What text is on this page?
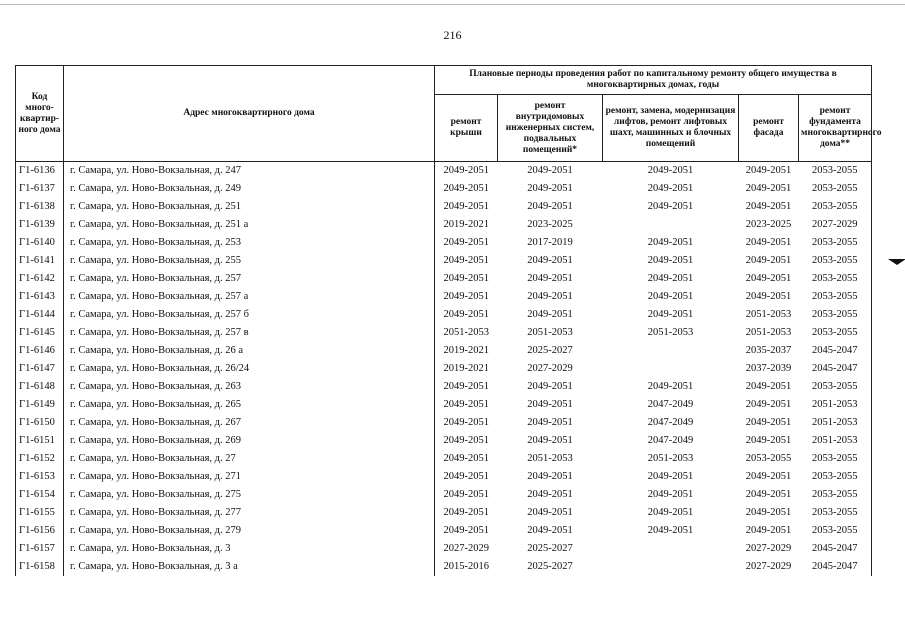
216
Код много-квартир-ного дома	Адрес многоквартирного дома	Плановые периоды проведения работ по капитальному ремонту общего имущества в многоквартирных домах, годы				
		ремонт крыши	ремонт внутридомовых инженерных систем, подвальных помещений*	ремонт, замена, модернизация лифтов, ремонт лифтовых шахт, машинных и блочных помещений	ремонт фасада	ремонт фундамента многоквартирного дома**
Г1-6136	г. Самара, ул. Ново-Вокзальная, д. 247	2049-2051	2049-2051	2049-2051	2049-2051	2053-2055
Г1-6137	г. Самара, ул. Ново-Вокзальная, д. 249	2049-2051	2049-2051	2049-2051	2049-2051	2053-2055
Г1-6138	г. Самара, ул. Ново-Вокзальная, д. 251	2049-2051	2049-2051	2049-2051	2049-2051	2053-2055
Г1-6139	г. Самара, ул. Ново-Вокзальная, д. 251 а	2019-2021	2023-2025		2023-2025	2027-2029
Г1-6140	г. Самара, ул. Ново-Вокзальная, д. 253	2049-2051	2017-2019	2049-2051	2049-2051	2053-2055
Г1-6141	г. Самара, ул. Ново-Вокзальная, д. 255	2049-2051	2049-2051	2049-2051	2049-2051	2053-2055
Г1-6142	г. Самара, ул. Ново-Вокзальная, д. 257	2049-2051	2049-2051	2049-2051	2049-2051	2053-2055
Г1-6143	г. Самара, ул. Ново-Вокзальная, д. 257 а	2049-2051	2049-2051	2049-2051	2049-2051	2053-2055
Г1-6144	г. Самара, ул. Ново-Вокзальная, д. 257 б	2049-2051	2049-2051	2049-2051	2051-2053	2053-2055
Г1-6145	г. Самара, ул. Ново-Вокзальная, д. 257 в	2051-2053	2051-2053	2051-2053	2051-2053	2053-2055
Г1-6146	г. Самара, ул. Ново-Вокзальная, д. 26 а	2019-2021	2025-2027		2035-2037	2045-2047
Г1-6147	г. Самара, ул. Ново-Вокзальная, д. 26/24	2019-2021	2027-2029		2037-2039	2045-2047
Г1-6148	г. Самара, ул. Ново-Вокзальная, д. 263	2049-2051	2049-2051	2049-2051	2049-2051	2053-2055
Г1-6149	г. Самара, ул. Ново-Вокзальная, д. 265	2049-2051	2049-2051	2047-2049	2049-2051	2051-2053
Г1-6150	г. Самара, ул. Ново-Вокзальная, д. 267	2049-2051	2049-2051	2047-2049	2049-2051	2051-2053
Г1-6151	г. Самара, ул. Ново-Вокзальная, д. 269	2049-2051	2049-2051	2047-2049	2049-2051	2051-2053
Г1-6152	г. Самара, ул. Ново-Вокзальная, д. 27	2049-2051	2051-2053	2051-2053	2053-2055	2053-2055
Г1-6153	г. Самара, ул. Ново-Вокзальная, д. 271	2049-2051	2049-2051	2049-2051	2049-2051	2053-2055
Г1-6154	г. Самара, ул. Ново-Вокзальная, д. 275	2049-2051	2049-2051	2049-2051	2049-2051	2053-2055
Г1-6155	г. Самара, ул. Ново-Вокзальная, д. 277	2049-2051	2049-2051	2049-2051	2049-2051	2053-2055
Г1-6156	г. Самара, ул. Ново-Вокзальная, д. 279	2049-2051	2049-2051	2049-2051	2049-2051	2053-2055
Г1-6157	г. Самара, ул. Ново-Вокзальная, д. 3	2027-2029	2025-2027		2027-2029	2045-2047
Г1-6158	г. Самара, ул. Ново-Вокзальная, д. 3 а	2015-2016	2025-2027		2027-2029	2045-2047
